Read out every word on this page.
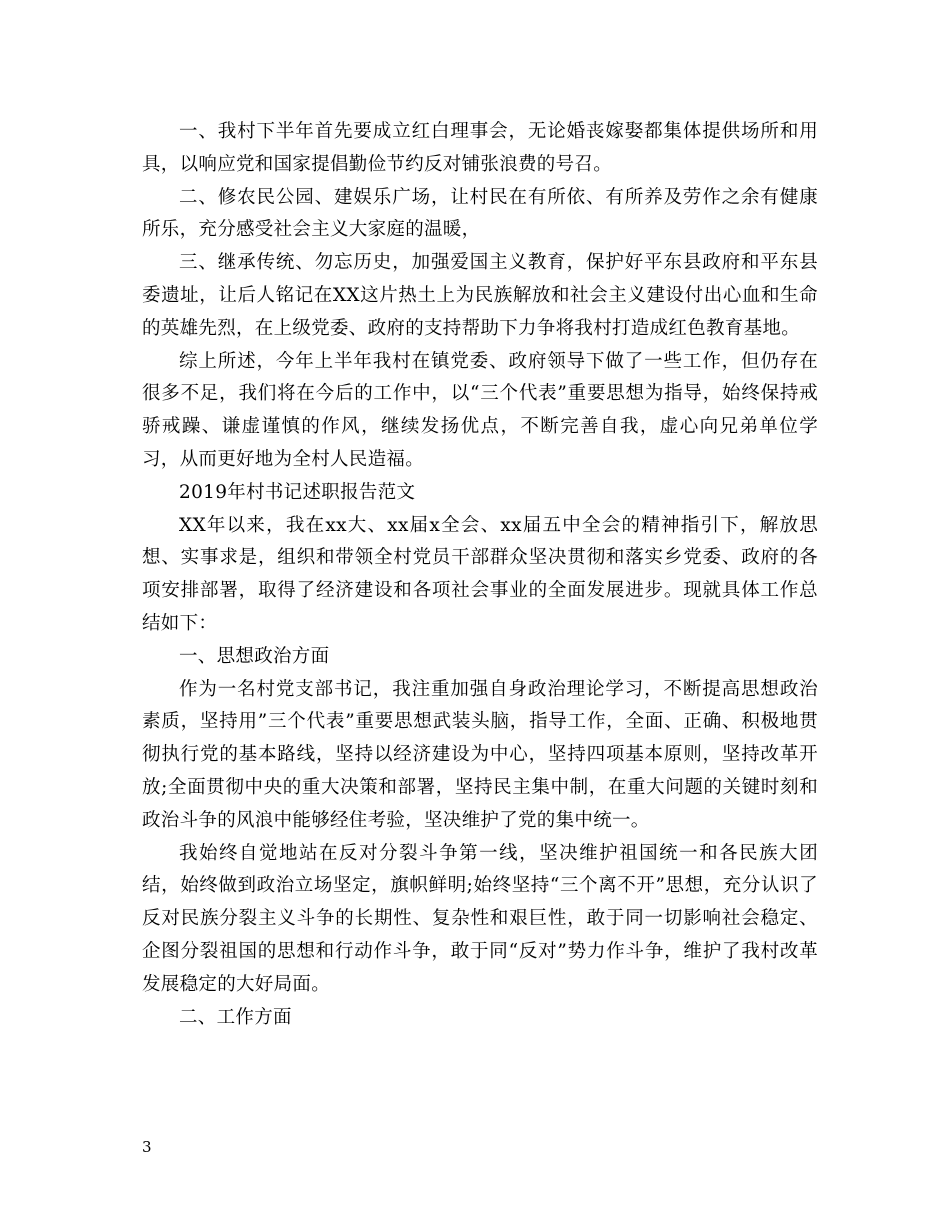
一、我村下半年首先要成立红白理事会，无论婚丧嫁娶都集体提供场所和用具，以响应党和国家提倡勤俭节约反对铺张浪费的号召。

二、修农民公园、建娱乐广场，让村民在有所依、有所养及劳作之余有健康所乐，充分感受社会主义大家庭的温暖，

三、继承传统、勿忘历史，加强爱国主义教育，保护好平东县政府和平东县委遗址，让后人铭记在XX这片热土上为民族解放和社会主义建设付出心血和生命的英雄先烈，在上级党委、政府的支持帮助下力争将我村打造成红色教育基地。

综上所述，今年上半年我村在镇党委、政府领导下做了一些工作，但仍存在很多不足，我们将在今后的工作中，以“三个代表”重要思想为指导，始终保持戒骄戒躁、谦虚谨慎的作风，继续发扬优点，不断完善自我，虚心向兄弟单位学习，从而更好地为全村人民造福。

2019年村书记述职报告范文

XX年以来，我在xx大、xx届x全会、xx届五中全会的精神指引下，解放思想、实事求是，组织和带领全村党员干部群众坚决贯彻和落实乡党委、政府的各项安排部署，取得了经济建设和各项社会事业的全面发展进步。现就具体工作总结如下：

一、思想政治方面

作为一名村党支部书记，我注重加强自身政治理论学习，不断提高思想政治素质，坚持用”三个代表”重要思想武装头脑，指导工作，全面、正确、积极地贯彻执行党的基本路线，坚持以经济建设为中心，坚持四项基本原则，坚持改革开放;全面贯彻中央的重大决策和部署，坚持民主集中制，在重大问题的关键时刻和政治斗争的风浪中能够经住考验，坚决维护了党的集中统一。

我始终自觉地站在反对分裂斗争第一线，坚决维护祖国统一和各民族大团结，始终做到政治立场坚定，旗帜鲜明;始终坚持“三个离不开”思想，充分认识了反对民族分裂主义斗争的长期性、复杂性和艰巨性，敢于同一切影响社会稳定、企图分裂祖国的思想和行动作斗争，敢于同“反对”势力作斗争，维护了我村改革发展稳定的大好局面。

二、工作方面

3
